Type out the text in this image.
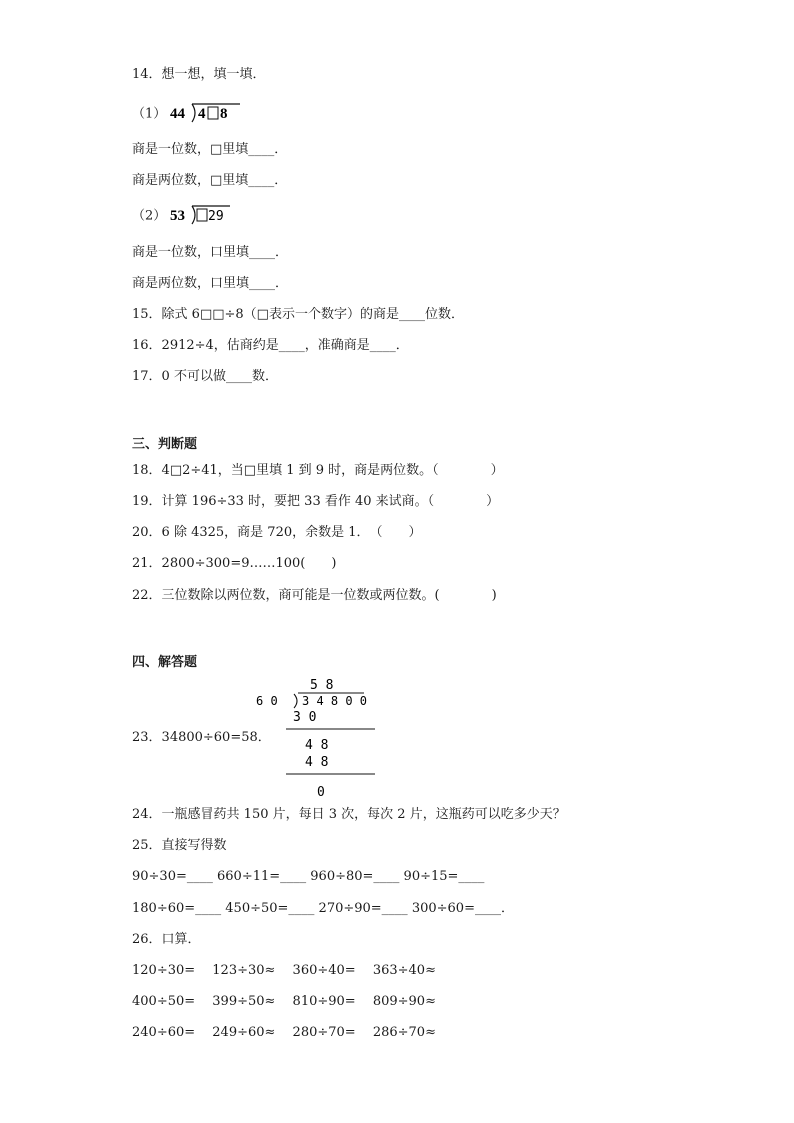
14．想一想，填一填．
（1） 44 4 8
商是一位数，□里填____．
商是两位数，□里填____．
（2） 53 29
商是一位数，口里填____．
商是两位数，口里填____．
15．除式 6□□÷8（□表示一个数字）的商是____位数．
16．2912÷4，估商约是____，准确商是____．
17．0 不可以做____数．
三、判断题
18．4□2÷41，当□里填 1 到 9 时，商是两位数。（　　　　）
19．计算 196÷33 时，要把 33 看作 40 来试商。（　　　　）
20．6 除 4325，商是 720，余数是 1．　（　　）
21．2800÷300=9……100(　　)
22．三位数除以两位数，商可能是一位数或两位数。(　　　　)
四、解答题
23．34800÷60=58．
5 8
6 0 3 4 8 0 0
3 0
4 8
4 8
0
24．一瓶感冒药共 150 片，每日 3 次，每次 2 片，这瓶药可以吃多少天？
25．直接写得数
90÷30=____ 660÷11=____ 960÷80=____ 90÷15=____
180÷60=____ 450÷50=____ 270÷90=____ 300÷60=____．
26．口算．
120÷30=　 123÷30≈　 360÷40=　 363÷40≈
400÷50=　 399÷50≈　 810÷90=　 809÷90≈
240÷60=　 249÷60≈　 280÷70=　 286÷70≈
